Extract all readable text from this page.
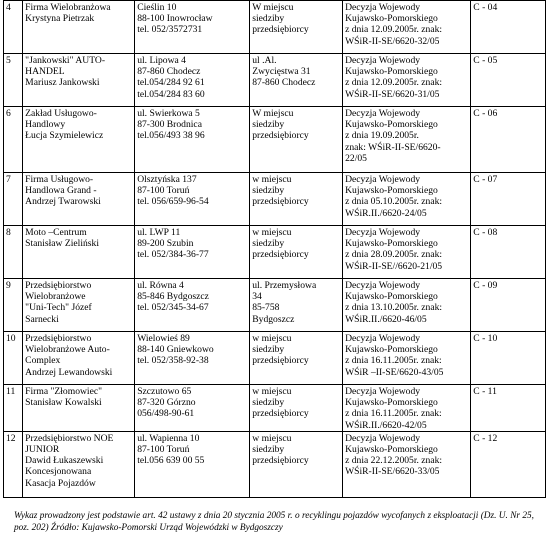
4	Firma Wielobranżowa
Krystyna Pietrzak	Cieślin 10
88-100 Inowrocław
tel. 052/3572731	W miejscu
siedziby
przedsiębiorcy	Decyzja Wojewody
Kujawsko-Pomorskiego
z dnia 12.09.2005r. znak:
WŚiR-II-SE/6620-32/05	C - 04
5	"Jankowski" AUTO-
HANDEL
Mariusz Jankowski	ul. Lipowa 4
87-860 Chodecz
tel.054/284 92 61
tel.054/284 83 60	ul .Al.
Zwycięstwa 31
87-860 Chodecz	Decyzja Wojewody
Kujawsko-Pomorskiego
z dnia 12.09.2005r. znak:
WŚiR-II-SE/6620-31/05	C - 05
6	Zakład Usługowo-
Handlowy
Łucja Szymielewicz	ul. Swierkowa 5
87-300 Brodnica
tel.056/493 38 96	W miejscu
siedziby
przedsiębiorcy	Decyzja Wojewody
Kujawsko-Pomorskiego
z dnia 19.09.2005r.
znak: WŚiR-II-SE/6620-
22/05	C - 06
7	Firma Usługowo-
Handlowa Grand -
Andrzej Twarowski	Olsztyńska 137
87-100 Toruń
tel. 056/659-96-54	w miejscu
siedziby
przedsiębiorcy	Decyzja Wojewody
Kujawsko-Pomorskiego
z dnia 05.10.2005r. znak:
WŚiR.II./6620-24/05	C - 07
8	Moto –Centrum
Stanisław Zieliński	ul. LWP 11
89-200 Szubin
tel. 052/384-36-77	w miejscu
siedziby
przedsiębiorcy	Decyzja Wojewody
Kujawsko-Pomorskiego
z dnia 28.09.2005r. znak:
WŚiR-II-SE//6620-21/05	C - 08
9	Przedsiębiorstwo
Wielobranżowe
"Uni-Tech" Józef
Sarnecki	ul. Równa 4
85-846 Bydgoszcz
tel. 052/345-34-67	ul. Przemysłowa
34
85-758
Bydgoszcz	Decyzja Wojewody
Kujawsko-Pomorskiego
z dnia 13.10.2005r. znak:
WŚiR.II./6620-46/05	C - 09
10	Przedsiębiorstwo
Wielobranżowe Auto-
Complex
Andrzej Lewandowski	Wielowieś 89
88-140 Gniewkowo
tel. 052/358-92-38	w miejscu
siedziby
przedsiębiorcy	Decyzja Wojewody
Kujawsko-Pomorskiego
z dnia 16.11.2005r. znak:
WŚiR –II-SE/6620-43/05	C - 10
11	Firma "Złomowiec"
Stanisław Kowalski	Szczutowo 65
87-320 Górzno
056/498-90-61	w miejscu
siedziby
przedsiębiorcy	Decyzja Wojewody
Kujawsko-Pomorskiego
z dnia 16.11.2005r. znak:
WŚiR.II./6620-42/05	C - 11
12	Przedsiębiorstwo NOE
JUNIOR
Dawid Łukaszewski
Koncesjonowana
Kasacja Pojazdów	ul. Wapienna 10
87-100 Toruń
tel.056 639 00 55	w miejscu
siedziby
przedsiębiorcy	Decyzja Wojewody
Kujawsko-Pomorskiego
z dnia 22.12.2005r. znak:
WŚiR-II-SE/6620-33/05	C - 12
Wykaz prowadzony jest podstawie art. 42 ustawy z dnia 20 stycznia 2005 r. o recyklingu pojazdów wycofanych z eksploatacji (Dz. U. Nr 25, poz. 202) Źródło: Kujawsko-Pomorski Urząd Wojewódzki w Bydgoszczy
